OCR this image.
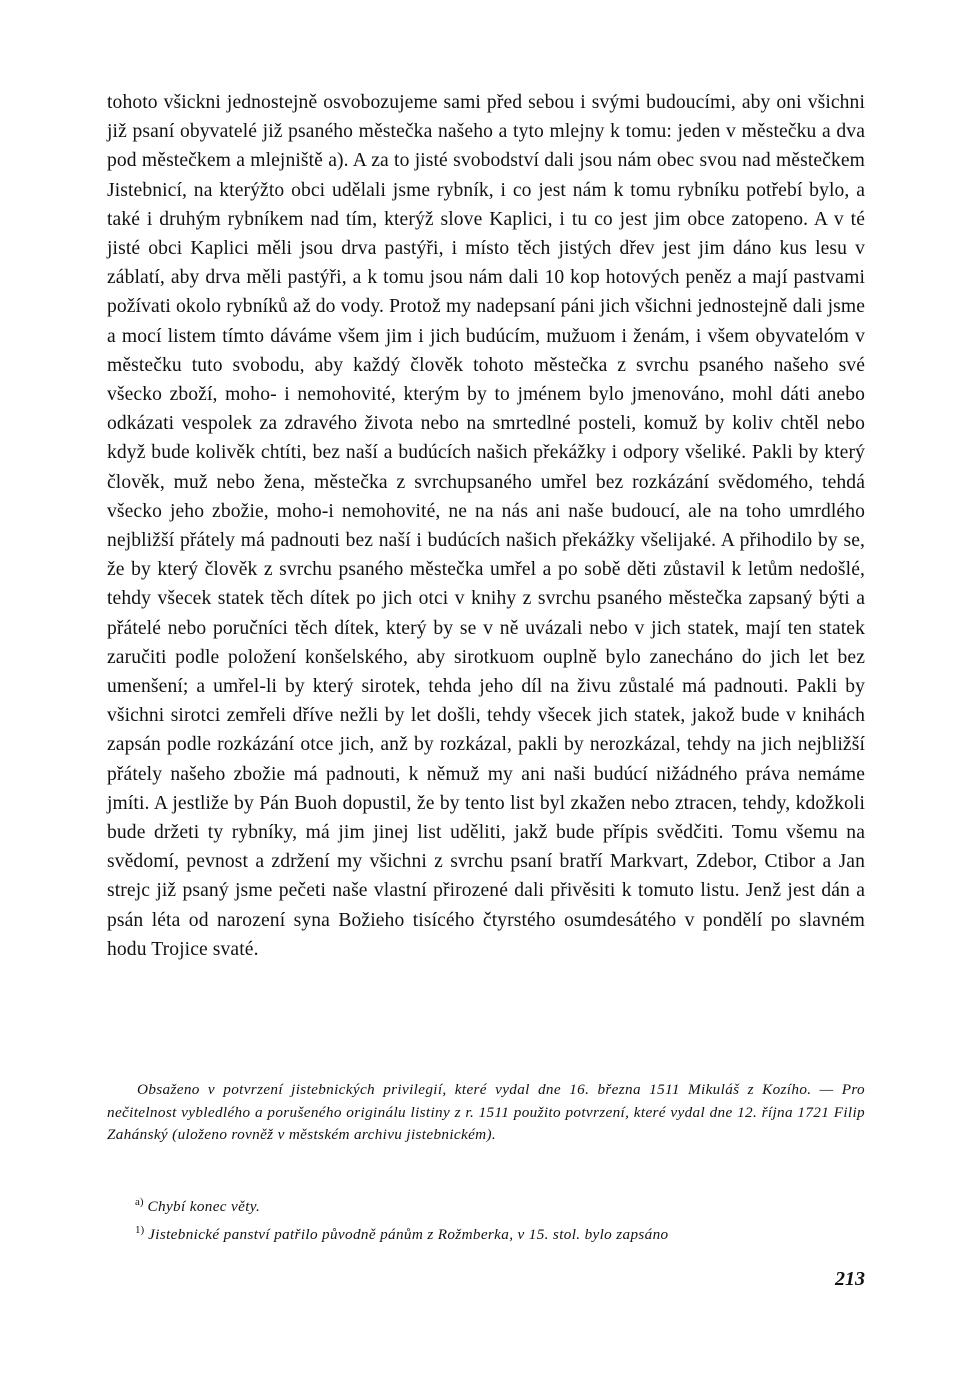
tohoto všickni jednostejně osvobozujeme sami před sebou i svými budoucími, aby oni všichni již psaní obyvatelé již psaného městečka našeho a tyto mlejny k tomu: jeden v městečku a dva pod městečkem a mlejniště a). A za to jisté svobodství dali jsou nám obec svou nad městečkem Jistebnicí, na kterýžto obci udělali jsme rybník, i co jest nám k tomu rybníku potřebí bylo, a také i druhým rybníkem nad tím, kterýž slove Kaplici, i tu co jest jim obce zatopeno. A v té jisté obci Kaplici měli jsou drva pastýři, i místo těch jistých dřev jest jim dáno kus lesu v záblatí, aby drva měli pastýři, a k tomu jsou nám dali 10 kop hotových peněz a mají pastvami požívati okolo rybníků až do vody. Protož my nadepsaní páni jich všichni jednostejně dali jsme a mocí listem tímto dáváme všem jim i jich budúcím, mužuom i ženám, i všem obyvatelóm v městečku tuto svobodu, aby každý člověk tohoto městečka z svrchu psaného našeho své všecko zboží, moho- i nemohovité, kterým by to jménem bylo jmenováno, mohl dáti anebo odkázati vespolek za zdravého života nebo na smrtedlné posteli, komuž by koliv chtěl nebo když bude kolivěk chtíti, bez naší a budúcích našich překážky i odpory všeliké. Pakli by který člověk, muž nebo žena, městečka z svrchupsaného umřel bez rozkázání svědomého, tehdá všecko jeho zbožie, moho-i nemohovité, ne na nás ani naše budoucí, ale na toho umrdlého nejbližší přátely má padnouti bez naší i budúcích našich překážky všelijaké. A přihodilo by se, že by který člověk z svrchu psaného městečka umřel a po sobě děti zůstavil k letům nedošlé, tehdy všecek statek těch dítek po jich otci v knihy z svrchu psaného městečka zapsaný býti a přátelé nebo poručníci těch dítek, který by se v ně uvázali nebo v jich statek, mají ten statek zaručiti podle položení konšelského, aby sirotkuom ouplně bylo zanecháno do jich let bez umenšení; a umřel-li by který sirotek, tehda jeho díl na živu zůstalé má padnouti. Pakli by všichni sirotci zemřeli dříve nežli by let došli, tehdy všecek jich statek, jakož bude v knihách zapsán podle rozkázání otce jich, anž by rozkázal, pakli by nerozkázal, tehdy na jich nejbližší přátely našeho zbožie má padnouti, k němuž my ani naši budúcí nižádného práva nemáme jmíti. A jestliže by Pán Buoh dopustil, že by tento list byl zkažen nebo ztracen, tehdy, kdožkoli bude držeti ty rybníky, má jim jinej list uděliti, jakž bude přípis svědčiti. Tomu všemu na svědomí, pevnost a zdržení my všichni z svrchu psaní bratří Markvart, Zdebor, Ctibor a Jan strejc již psaný jsme pečeti naše vlastní přirozené dali přivěsiti k tomuto listu. Jenž jest dán a psán léta od narození syna Božieho tisícého čtyrstého osumdesátého v pondělí po slavném hodu Trojice svaté.

Obsaženo v potvrzení jistebnických privilegií, které vydal dne 16. března 1511 Mikuláš z Kozího. — Pro nečitelnost vybledlého a porušeného originálu listiny z r. 1511 použito potvrzení, které vydal dne 12. října 1721 Filip Zahánský (uloženo rovněž v městském archivu jistebnickém).

$^{a)}$ Chybí konec věty.

$^{1)}$ Jistebnické panství patřilo původně pánům z Rožmberka, v 15. stol. bylo zapsáno

213
